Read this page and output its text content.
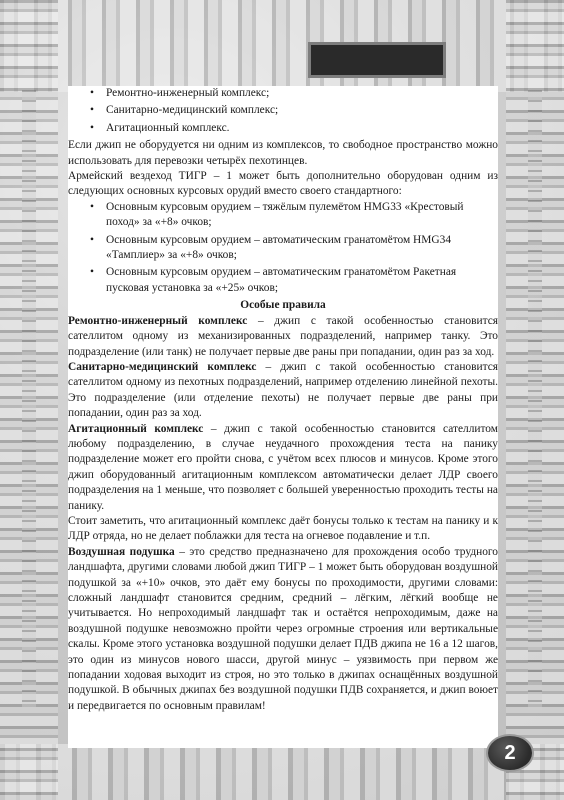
• Ремонтно-инженерный комплекс;
• Санитарно-медицинский комплекс;
• Агитационный комплекс.

Если джип не оборудуется ни одним из комплексов, то свободное пространство можно использовать для перевозки четырёх пехотинцев.

Армейский вездеход ТИГР – 1 может быть дополнительно оборудован одним из следующих основных курсовых орудий вместо своего стандартного:

• Основным курсовым орудием – тяжёлым пулемётом HMG33 «Крестовый поход» за «+8» очков;
• Основным курсовым орудием – автоматическим гранатомётом HMG34 «Тамплиер» за «+8» очков;
• Основным курсовым орудием – автоматическим гранатомётом Ракетная пусковая установка за «+25» очков;

Особые правила

Ремонтно-инженерный комплекс – джип с такой особенностью становится сателлитом одному из механизированных подразделений, например танку. Это подразделение (или танк) не получает первые две раны при попадании, один раз за ход.

Санитарно-медицинский комплекс – джип с такой особенностью становится сателлитом одному из пехотных подразделений, например отделению линейной пехоты. Это подразделение (или отделение пехоты) не получает первые две раны при попадании, один раз за ход.

Агитационный комплекс – джип с такой особенностью становится сателлитом любому подразделению, в случае неудачного прохождения теста на панику подразделение может его пройти снова, с учётом всех плюсов и минусов. Кроме этого джип оборудованный агитационным комплексом автоматически делает ЛДР своего подразделения на 1 меньше, что позволяет с большей уверенностью проходить тесты на панику.

Стоит заметить, что агитационный комплекс даёт бонусы только к тестам на панику и к ЛДР отряда, но не делает поблажки для теста на огневое подавление и т.п.

Воздушная подушка – это средство предназначено для прохождения особо трудного ландшафта, другими словами любой джип ТИГР – 1 может быть оборудован воздушной подушкой за «+10» очков, это даёт ему бонусы по проходимости, другими словами: сложный ландшафт становится средним, средний – лёгким, лёгкий вообще не учитывается. Но непроходимый ландшафт так и остаётся непроходимым, даже на воздушной подушке невозможно пройти через огромные строения или вертикальные скалы. Кроме этого установка воздушной подушки делает ПДВ джипа не 16 а 12 шагов, это один из минусов нового шасси, другой минус – уязвимость при первом же попадании ходовая выходит из строя, но это только в джипах оснащённых воздушной подушкой. В обычных джипах без воздушной подушки ПДВ сохраняется, и джип воюет и передвигается по основным правилам!

2
